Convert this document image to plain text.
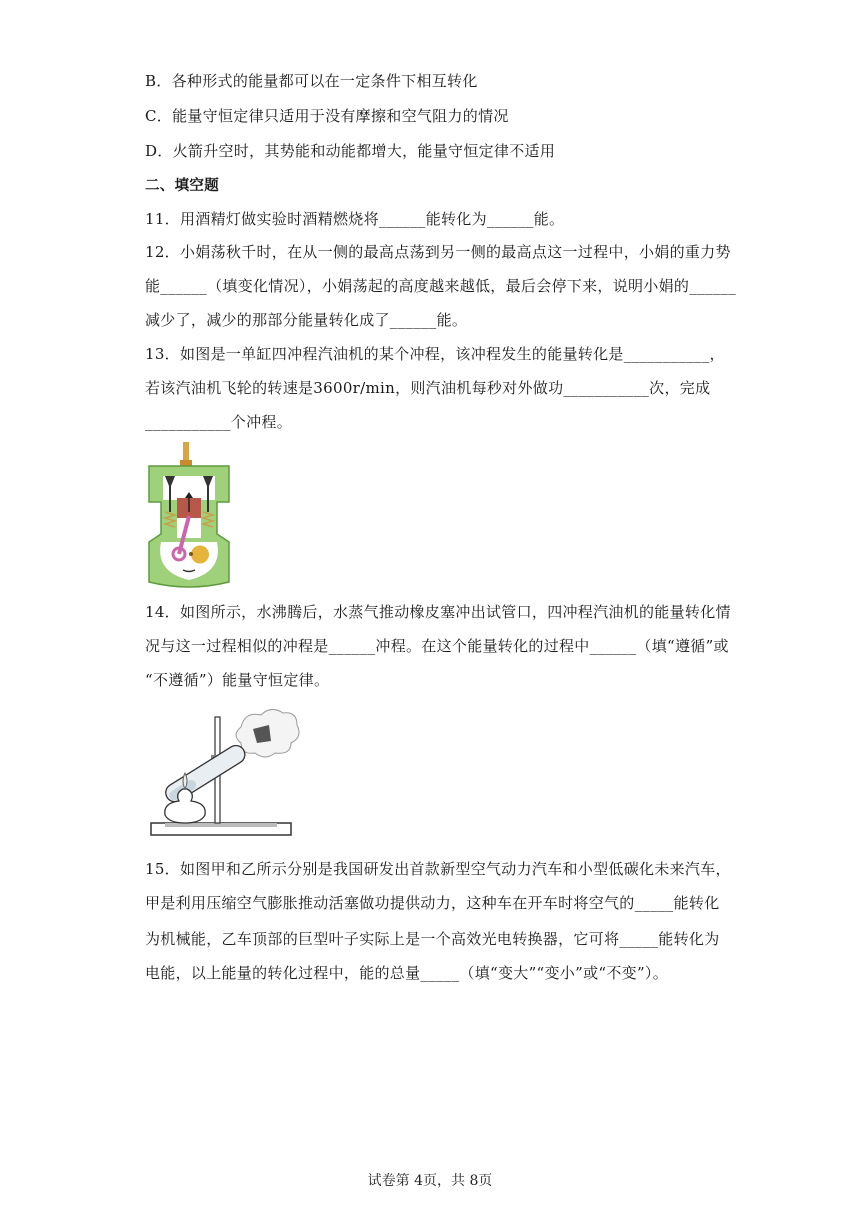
B．各种形式的能量都可以在一定条件下相互转化
C．能量守恒定律只适用于没有摩擦和空气阻力的情况
D．火箭升空时，其势能和动能都增大，能量守恒定律不适用
二、填空题
11．用酒精灯做实验时酒精燃烧将______能转化为______能。
12．小娟荡秋千时，在从一侧的最高点荡到另一侧的最高点这一过程中，小娟的重力势
能______（填变化情况），小娟荡起的高度越来越低，最后会停下来，说明小娟的______
减少了，减少的那部分能量转化成了______能。
13．如图是一单缸四冲程汽油机的某个冲程，该冲程发生的能量转化是___________，
若该汽油机飞轮的转速是3600r/min，则汽油机每秒对外做功___________次，完成
___________个冲程。
14．如图所示，水沸腾后，水蒸气推动橡皮塞冲出试管口，四冲程汽油机的能量转化情
况与这一过程相似的冲程是______冲程。在这个能量转化的过程中______（填“遵循”或
“不遵循”）能量守恒定律。
15．如图甲和乙所示分别是我国研发出首款新型空气动力汽车和小型低碳化未来汽车，
甲是利用压缩空气膨胀推动活塞做功提供动力，这种车在开车时将空气的_____能转化
为机械能，乙车顶部的巨型叶子实际上是一个高效光电转换器，它可将_____能转化为
电能，以上能量的转化过程中，能的总量_____（填“变大”“变小”或“不变”）。
试卷第 4页，共 8页
